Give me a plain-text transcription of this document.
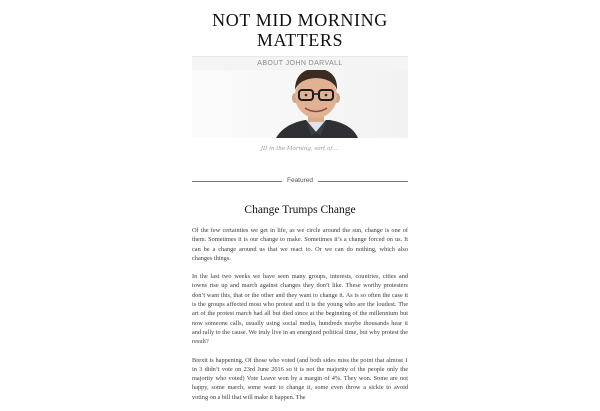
NOT MID MORNING MATTERS
ABOUT JOHN DARVALL

JD in the Morning, sort of....

Featured
Change Trumps Change

Of the few certainties we get in life, as we circle around the sun, change is one of them. Sometimes it is our change to make. Sometimes it’s a change forced on us. It can be a change around us that we react to. Or we can do nothing, which also changes things.

In the last two weeks we have seen many groups, interests, countries, cities and towns rise up and march against changes they don’t like. These worthy protesters don’t want this, that or the other and they want to change it. As is so often the case it is the groups affected most who protest and it is the young who are the loudest. The art of the protest march had all but died since at the beginning of the millennium but now someone calls, usually using social media, hundreds maybe thousands hear it and rally to the cause. We truly live in an energized political time, but why protest the result?

Brexit is happening. Of those who voted (and both sides miss the point that almost 1 in 3 didn’t vote on 23rd June 2016 so it is not the majority of the people only the majority who voted) Vote Leave won by a margin of 4%. They won. Some are not happy, some march, some want to change it, some even throw a sickie to avoid voting on a bill that will make it happen. The
